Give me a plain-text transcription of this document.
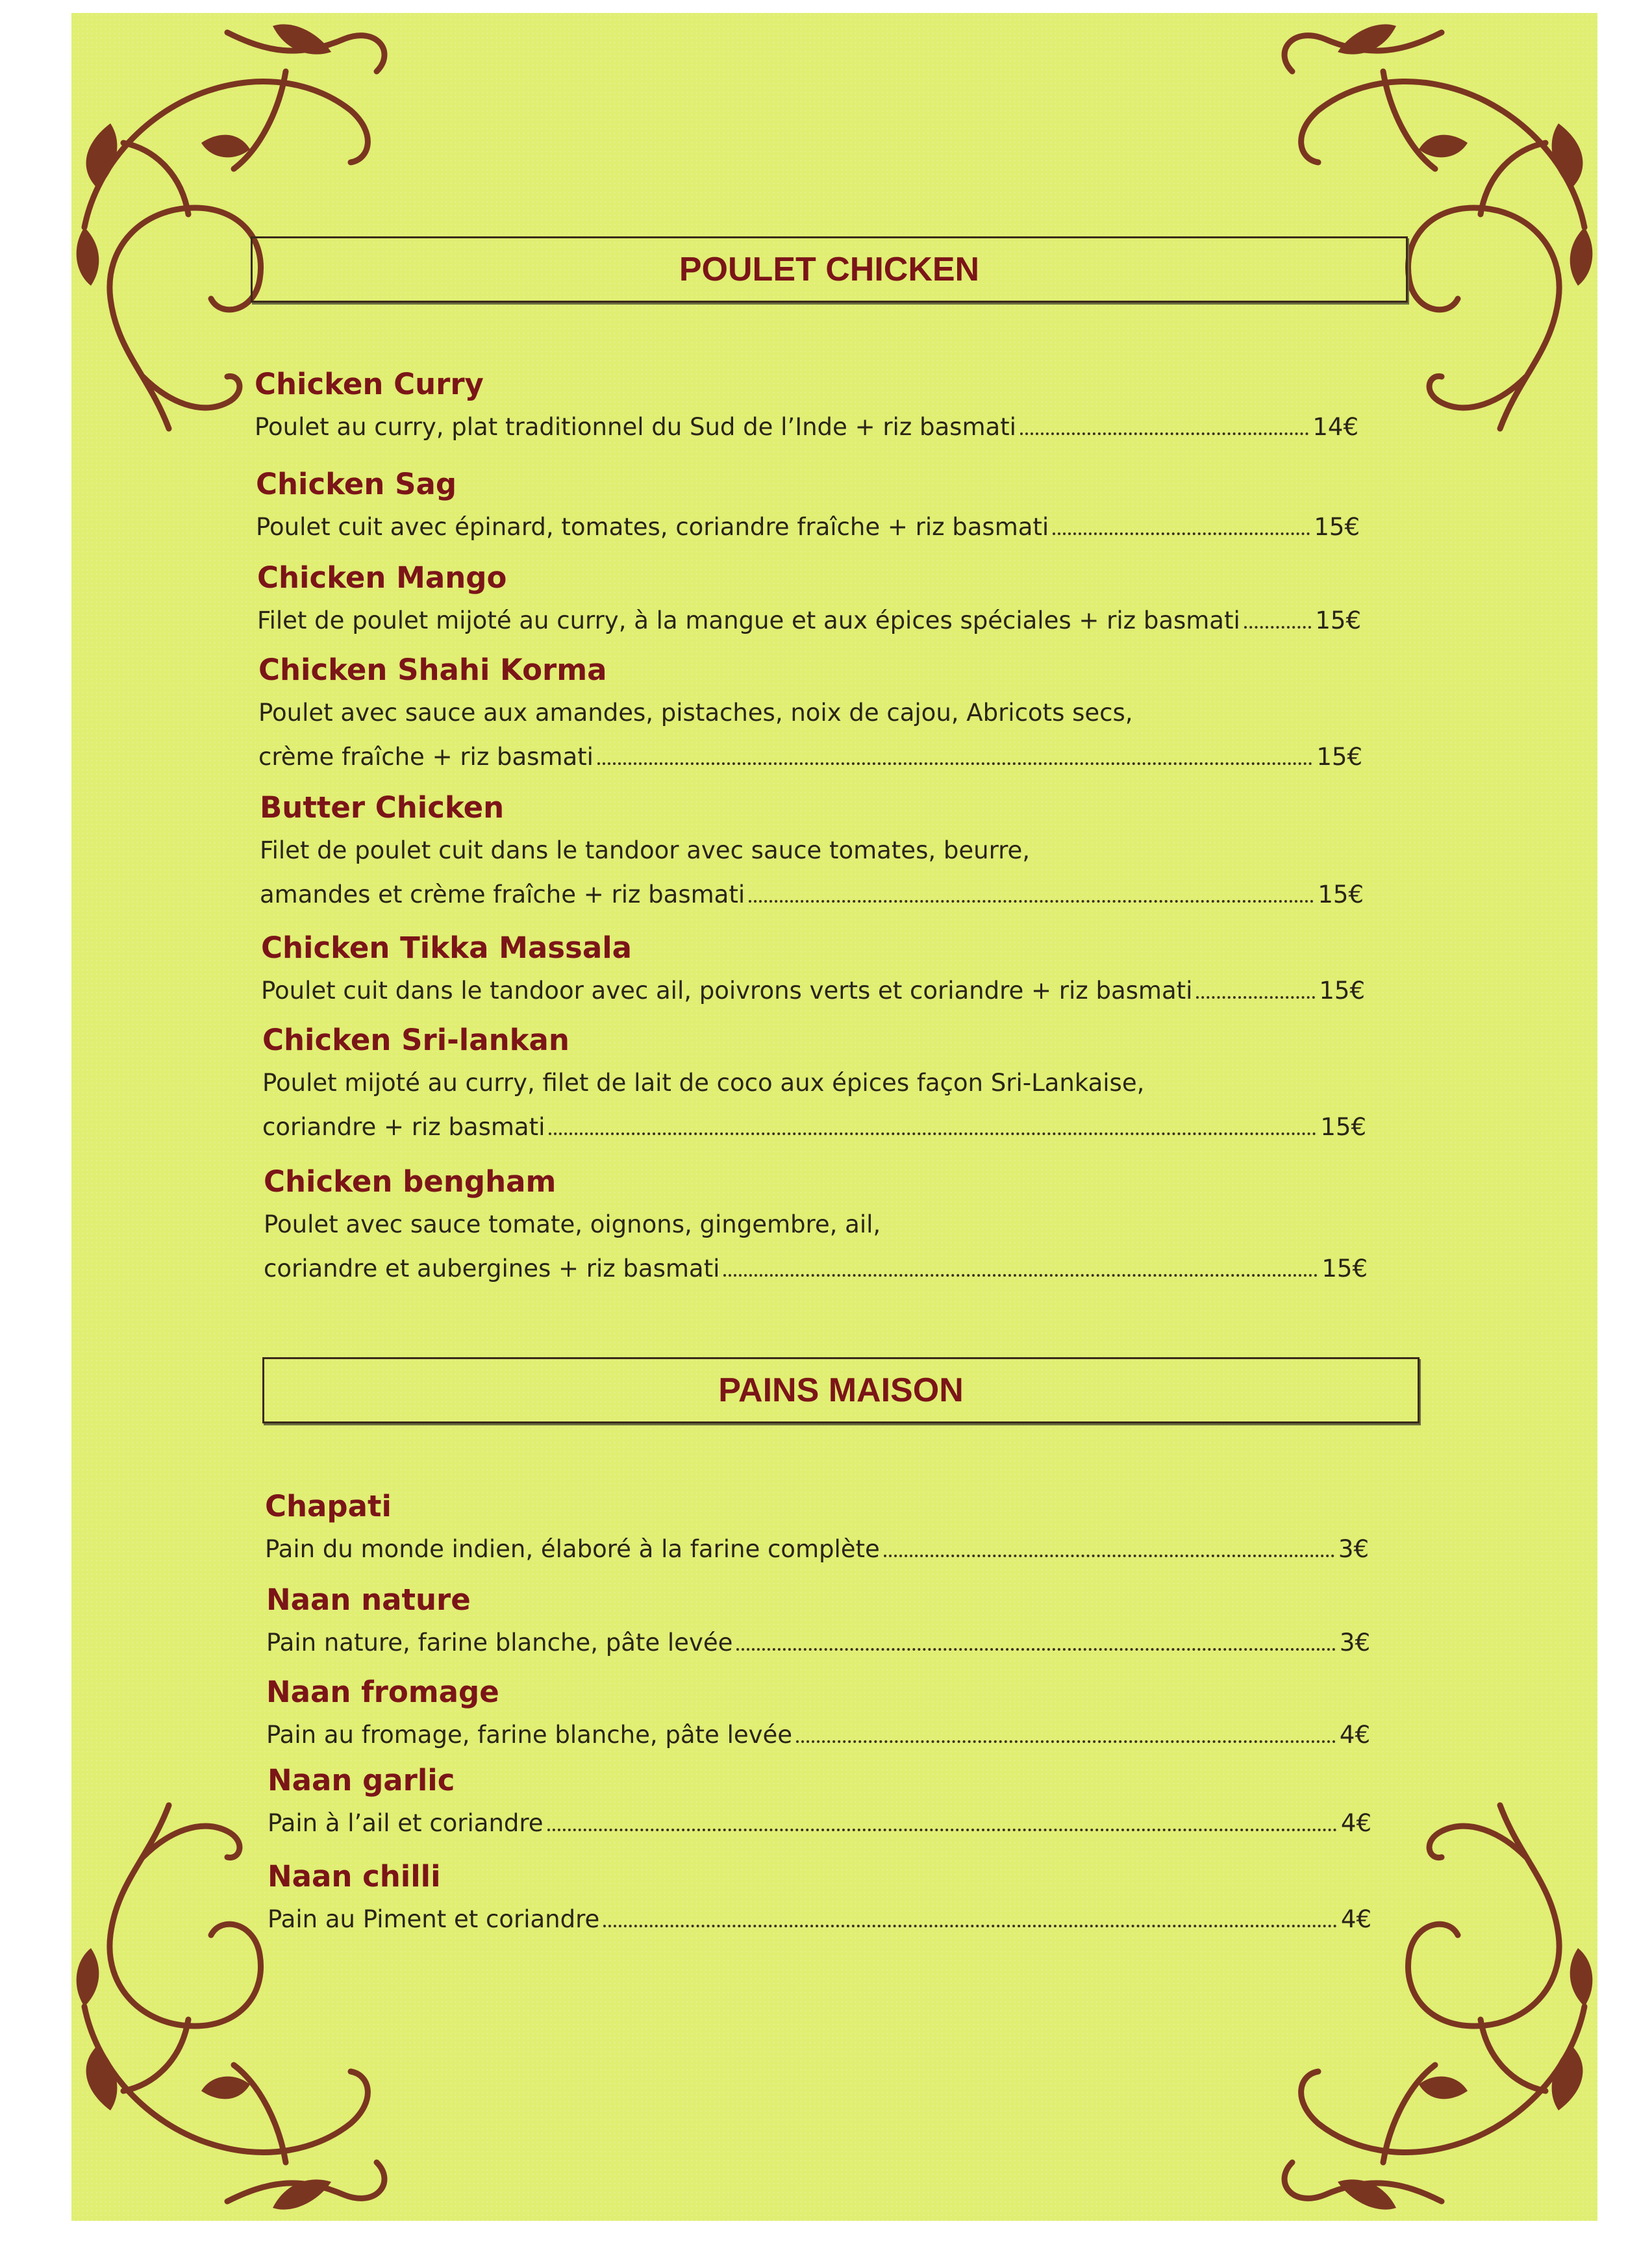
POULET CHICKEN
Chicken Curry
Poulet au curry, plat traditionnel du Sud de l’Inde + riz basmati	14€
Chicken Sag
Poulet cuit avec épinard, tomates, coriandre fraîche + riz basmati	15€
Chicken Mango
Filet de poulet mijoté au curry, à la mangue et aux épices spéciales + riz basmati	15€
Chicken Shahi Korma
Poulet avec sauce aux amandes, pistaches, noix de cajou, Abricots secs,
crème fraîche + riz basmati	15€
Butter Chicken
Filet de poulet cuit dans le tandoor avec sauce tomates, beurre,
amandes et crème fraîche + riz basmati	15€
Chicken Tikka Massala
Poulet cuit dans le tandoor avec ail, poivrons verts et coriandre + riz basmati	15€
Chicken Sri-lankan
Poulet mijoté au curry, filet de lait de coco aux épices façon Sri-Lankaise,
coriandre + riz basmati	15€
Chicken bengham
Poulet avec sauce tomate, oignons, gingembre, ail,
coriandre et aubergines + riz basmati	15€
PAINS MAISON
Chapati
Pain du monde indien, élaboré à la farine complète	3€
Naan nature
Pain nature, farine blanche, pâte levée	3€
Naan fromage
Pain au fromage, farine blanche, pâte levée	4€
Naan garlic
Pain à l’ail et coriandre	4€
Naan chilli
Pain au Piment et coriandre	4€
